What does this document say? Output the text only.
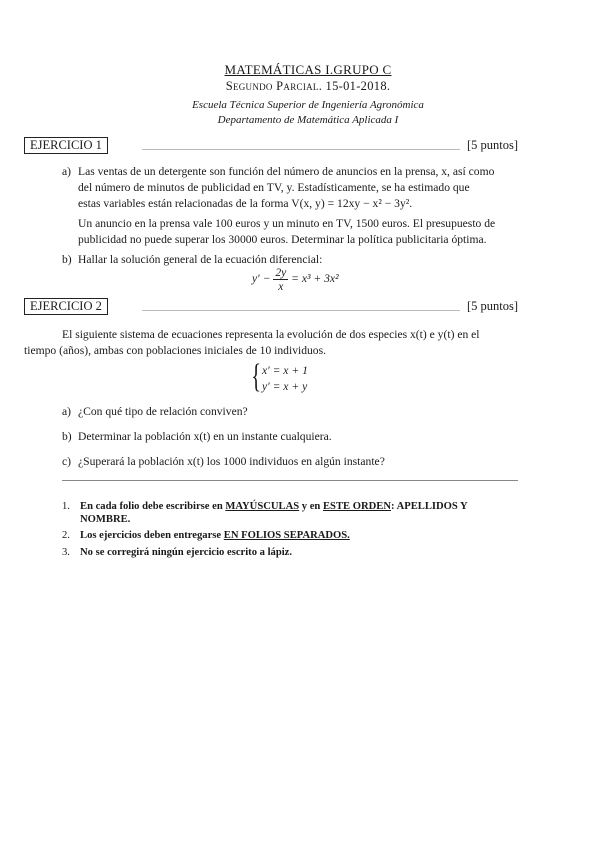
MATEMÁTICAS I.GRUPO C
Segundo Parcial. 15-01-2018.
Escuela Técnica Superior de Ingeniería Agronómica
Departamento de Matemática Aplicada I
EJERCICIO 1	[5 puntos]
a) Las ventas de un detergente son función del número de anuncios en la prensa, x, así como
del número de minutos de publicidad en TV, y. Estadísticamente, se ha estimado que
estas variables están relacionadas de la forma V(x, y) = 12xy − x² − 3y².
Un anuncio en la prensa vale 100 euros y un minuto en TV, 1500 euros. El presupuesto de
publicidad no puede superar los 30000 euros. Determinar la política publicitaria óptima.
b) Hallar la solución general de la ecuación diferencial:
$y' - \frac{2y}{x} = x^3 + 3x^2$
EJERCICIO 2	[5 puntos]
El siguiente sistema de ecuaciones representa la evolución de dos especies x(t) e y(t) en el
tiempo (años), ambas con poblaciones iniciales de 10 individuos.
{ x′ = x + 1
y′ = x + y
a) ¿Con qué tipo de relación conviven?
b) Determinar la población x(t) en un instante cualquiera.
c) ¿Superará la población x(t) los 1000 individuos en algún instante?
1. En cada folio debe escribirse en MAYÚSCULAS y en ESTE ORDEN: APELLIDOS Y
NOMBRE.
2. Los ejercicios deben entregarse EN FOLIOS SEPARADOS.
3. No se corregirá ningún ejercicio escrito a lápiz.
